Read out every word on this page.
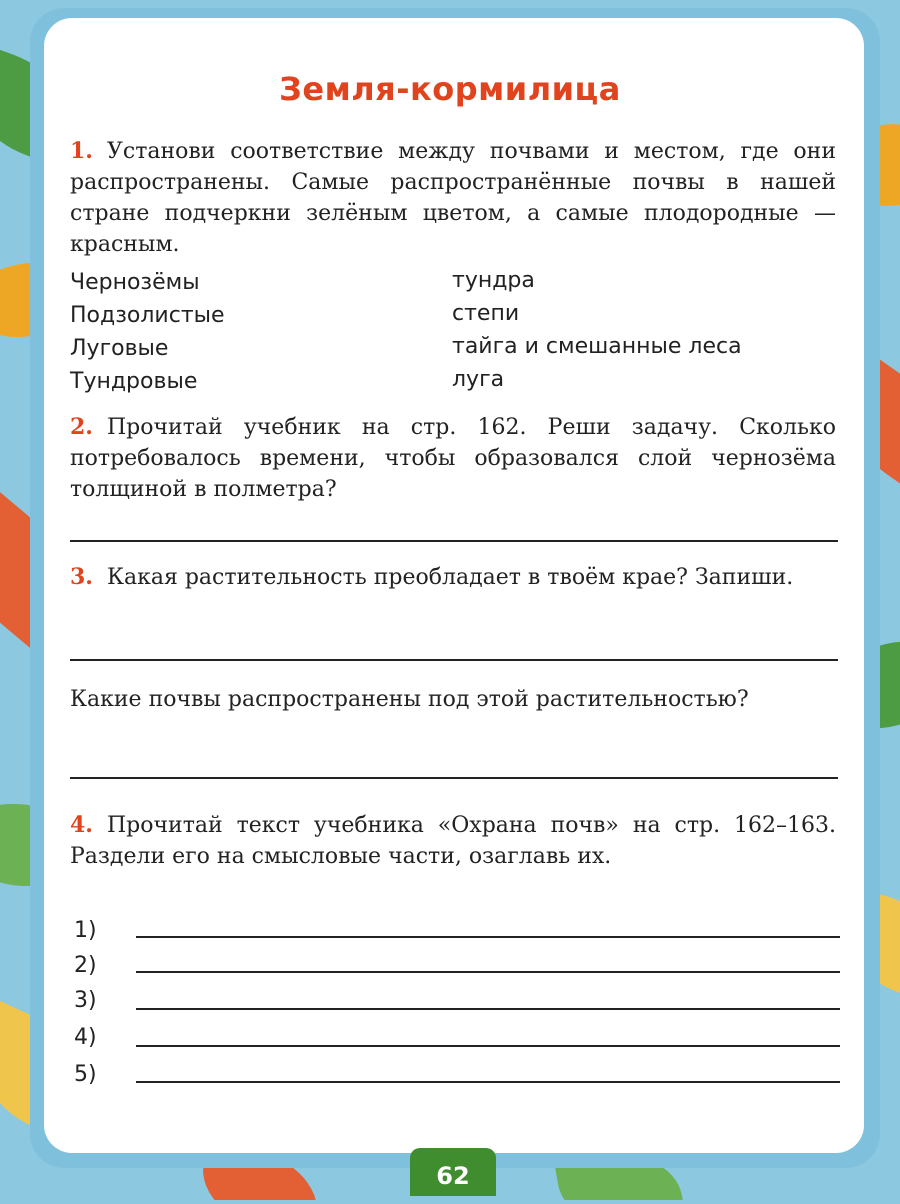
Земля-кормилица
1. Установи соответствие между почвами и местом, где они распространены. Самые распространённые почвы в нашей стране подчеркни зелёным цветом, а самые плодородные — красным.
Чернозёмы
Подзолистые
Луговые
Тундровые
тундра
степи
тайга и смешанные леса
луга
2. Прочитай учебник на стр. 162. Реши задачу. Сколько потребовалось времени, чтобы образовался слой чернозёма толщиной в полметра?
3. Какая растительность преобладает в твоём крае? Запиши.
Какие почвы распространены под этой растительностью?
4. Прочитай текст учебника «Охрана почв» на стр. 162–163. Раздели его на смысловые части, озаглавь их.
1)
2)
3)
4)
5)
62
